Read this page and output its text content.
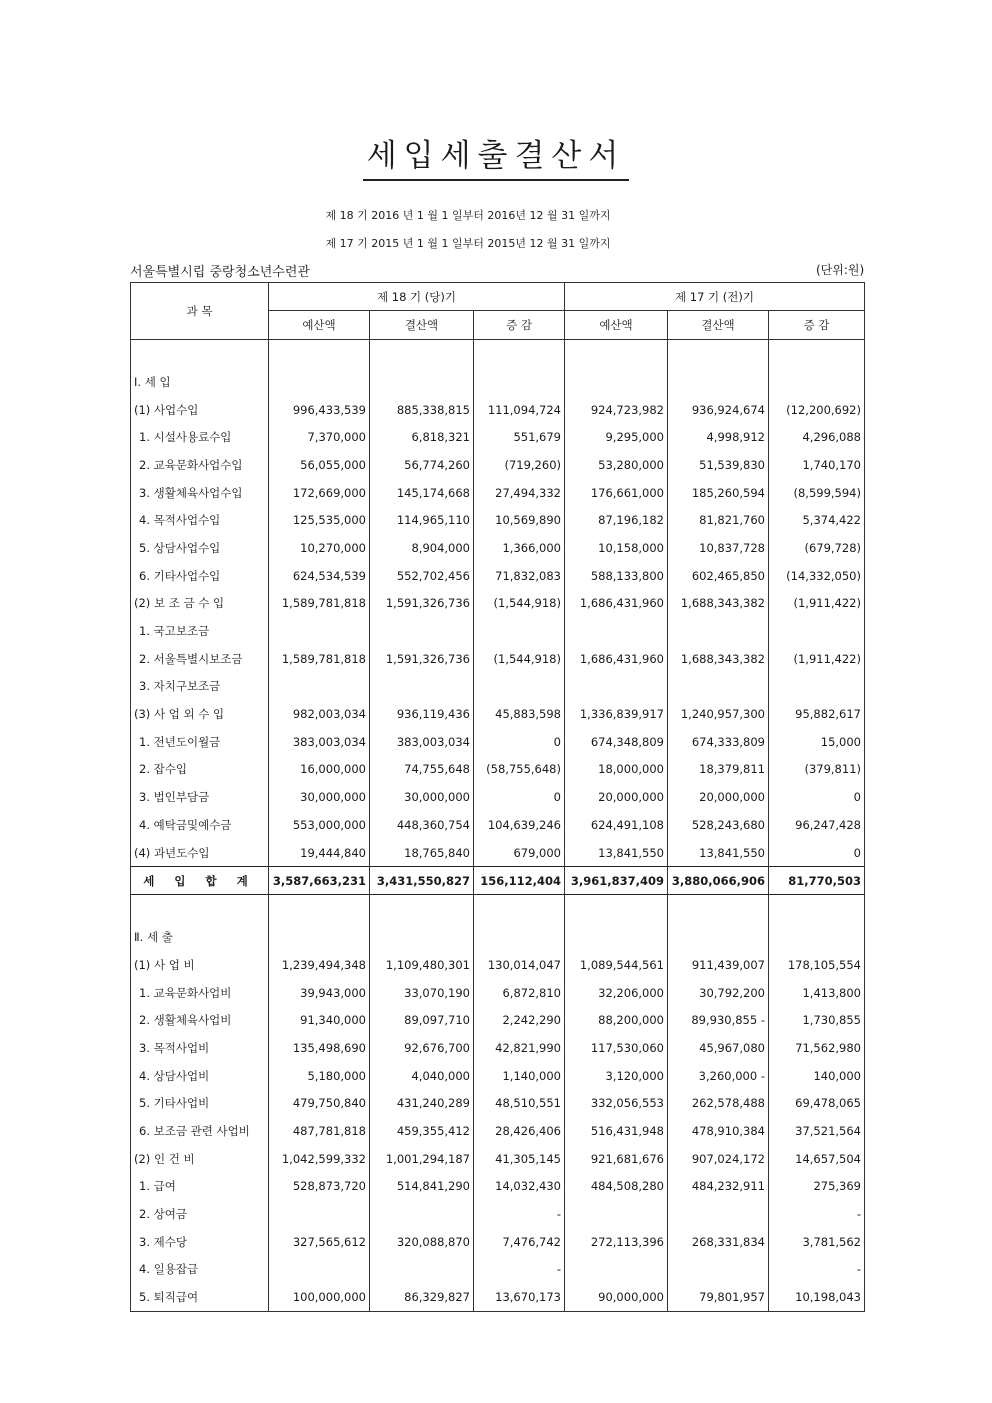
세입세출결산서
제 18 기 2016 년 1 월 1 일부터 2016년 12 월 31 일까지
제 17 기 2015 년 1 월 1 일부터 2015년 12 월 31 일까지
서울특별시립 중랑청소년수련관	(단위:원)
과 목	제 18 기 (당)기			제 17 기 (전)기		
	예산액	결산액	증 감	예산액	결산액	증 감

Ⅰ. 세 입						
(1) 사업수입	996,433,539	885,338,815	111,094,724	924,723,982	936,924,674	(12,200,692)
1. 시설사용료수입	7,370,000	6,818,321	551,679	9,295,000	4,998,912	4,296,088
2. 교육문화사업수입	56,055,000	56,774,260	(719,260)	53,280,000	51,539,830	1,740,170
3. 생활체육사업수입	172,669,000	145,174,668	27,494,332	176,661,000	185,260,594	(8,599,594)
4. 목적사업수입	125,535,000	114,965,110	10,569,890	87,196,182	81,821,760	5,374,422
5. 상담사업수입	10,270,000	8,904,000	1,366,000	10,158,000	10,837,728	(679,728)
6. 기타사업수입	624,534,539	552,702,456	71,832,083	588,133,800	602,465,850	(14,332,050)
(2) 보 조 금 수 입	1,589,781,818	1,591,326,736	(1,544,918)	1,686,431,960	1,688,343,382	(1,911,422)
1. 국고보조금						
2. 서울특별시보조금	1,589,781,818	1,591,326,736	(1,544,918)	1,686,431,960	1,688,343,382	(1,911,422)
3. 자치구보조금						
(3) 사 업 외 수 입	982,003,034	936,119,436	45,883,598	1,336,839,917	1,240,957,300	95,882,617
1. 전년도이월금	383,003,034	383,003,034	0	674,348,809	674,333,809	15,000
2. 잡수입	16,000,000	74,755,648	(58,755,648)	18,000,000	18,379,811	(379,811)
3. 법인부담금	30,000,000	30,000,000	0	20,000,000	20,000,000	0
4. 예탁금및예수금	553,000,000	448,360,754	104,639,246	624,491,108	528,243,680	96,247,428
(4) 과년도수입	19,444,840	18,765,840	679,000	13,841,550	13,841,550	0
세 입 합 계	3,587,663,231	3,431,550,827	156,112,404	3,961,837,409	3,880,066,906	81,770,503

Ⅱ. 세 출						
(1) 사 업 비	1,239,494,348	1,109,480,301	130,014,047	1,089,544,561	911,439,007	178,105,554
1. 교육문화사업비	39,943,000	33,070,190	6,872,810	32,206,000	30,792,200	1,413,800
2. 생활체육사업비	91,340,000	89,097,710	2,242,290	88,200,000	89,930,855 -	1,730,855
3. 목적사업비	135,498,690	92,676,700	42,821,990	117,530,060	45,967,080	71,562,980
4. 상담사업비	5,180,000	4,040,000	1,140,000	3,120,000	3,260,000 -	140,000
5. 기타사업비	479,750,840	431,240,289	48,510,551	332,056,553	262,578,488	69,478,065
6. 보조금 관련 사업비	487,781,818	459,355,412	28,426,406	516,431,948	478,910,384	37,521,564
(2) 인 건 비	1,042,599,332	1,001,294,187	41,305,145	921,681,676	907,024,172	14,657,504
1. 급여	528,873,720	514,841,290	14,032,430	484,508,280	484,232,911	275,369
2. 상여금			-			-
3. 제수당	327,565,612	320,088,870	7,476,742	272,113,396	268,331,834	3,781,562
4. 일용잡급			-			-
5. 퇴직급여	100,000,000	86,329,827	13,670,173	90,000,000	79,801,957	10,198,043
